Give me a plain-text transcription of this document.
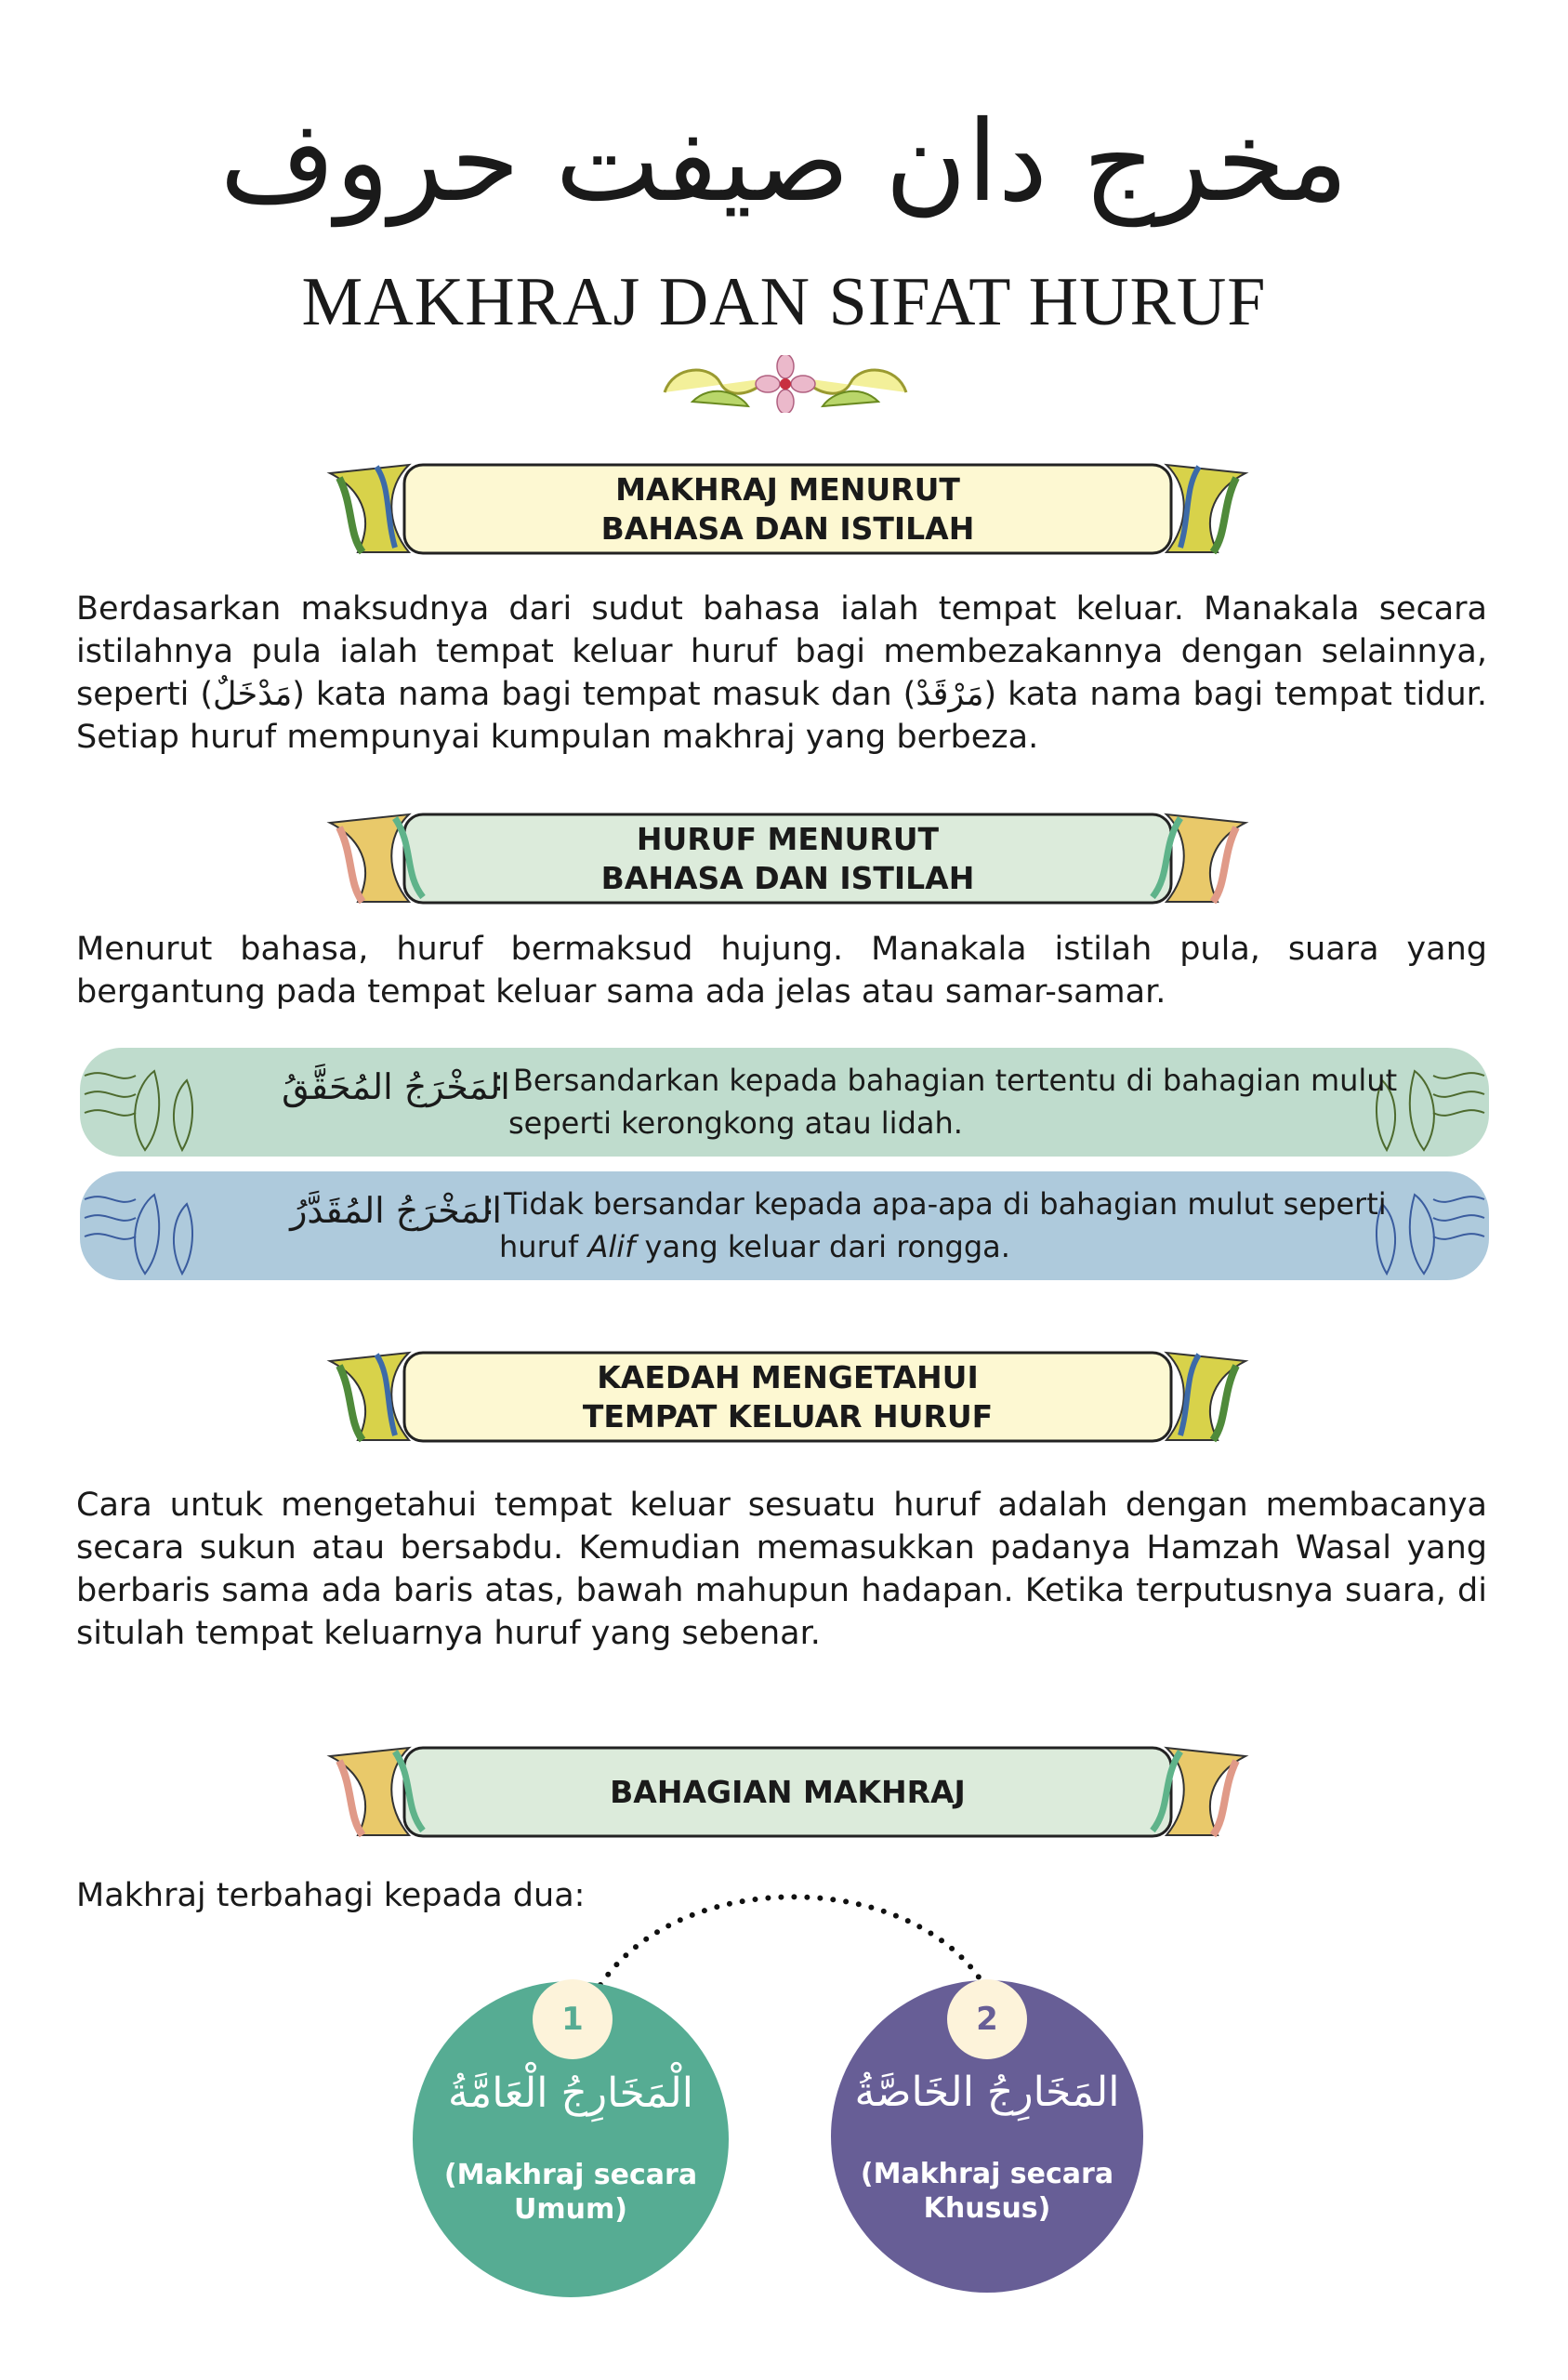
مخرج دان صيفت حروف
MAKHRAJ DAN SIFAT HURUF
MAKHRAJ MENURUT
BAHASA DAN ISTILAH
Berdasarkan maksudnya dari sudut bahasa ialah tempat keluar. Manakala secara istilahnya pula ialah tempat keluar huruf bagi membezakannya dengan selainnya, seperti (مَدْخَلٌ) kata nama bagi tempat masuk dan (مَرْقَدْ) kata nama bagi tempat tidur. Setiap huruf mempunyai kumpulan makhraj yang berbeza.
HURUF MENURUT
BAHASA DAN ISTILAH
Menurut bahasa, huruf bermaksud hujung. Manakala istilah pula, suara yang bergantung pada tempat keluar sama ada jelas atau samar-samar.
المَخْرَجُ المُحَقَّقُ
: Bersandarkan kepada bahagian tertentu di bahagian mulut
seperti kerongkong atau lidah.
المَخْرَجُ المُقَدَّرُ
: Tidak bersandar kepada apa-apa di bahagian mulut seperti
huruf Alif yang keluar dari rongga.
KAEDAH MENGETAHUI
TEMPAT KELUAR HURUF
Cara untuk mengetahui tempat keluar sesuatu huruf adalah dengan membacanya secara sukun atau bersabdu. Kemudian memasukkan padanya Hamzah Wasal yang berbaris sama ada baris atas, bawah mahupun hadapan. Ketika terputusnya suara, di situlah tempat keluarnya huruf yang sebenar.
BAHAGIAN MAKHRAJ
Makhraj terbahagi kepada dua:
الْمَخَارِجُ الْعَامَّةُ
(Makhraj secara
Umum)
1
المَخَارِجُ الخَاصَّةُ
(Makhraj secara
Khusus)
2
